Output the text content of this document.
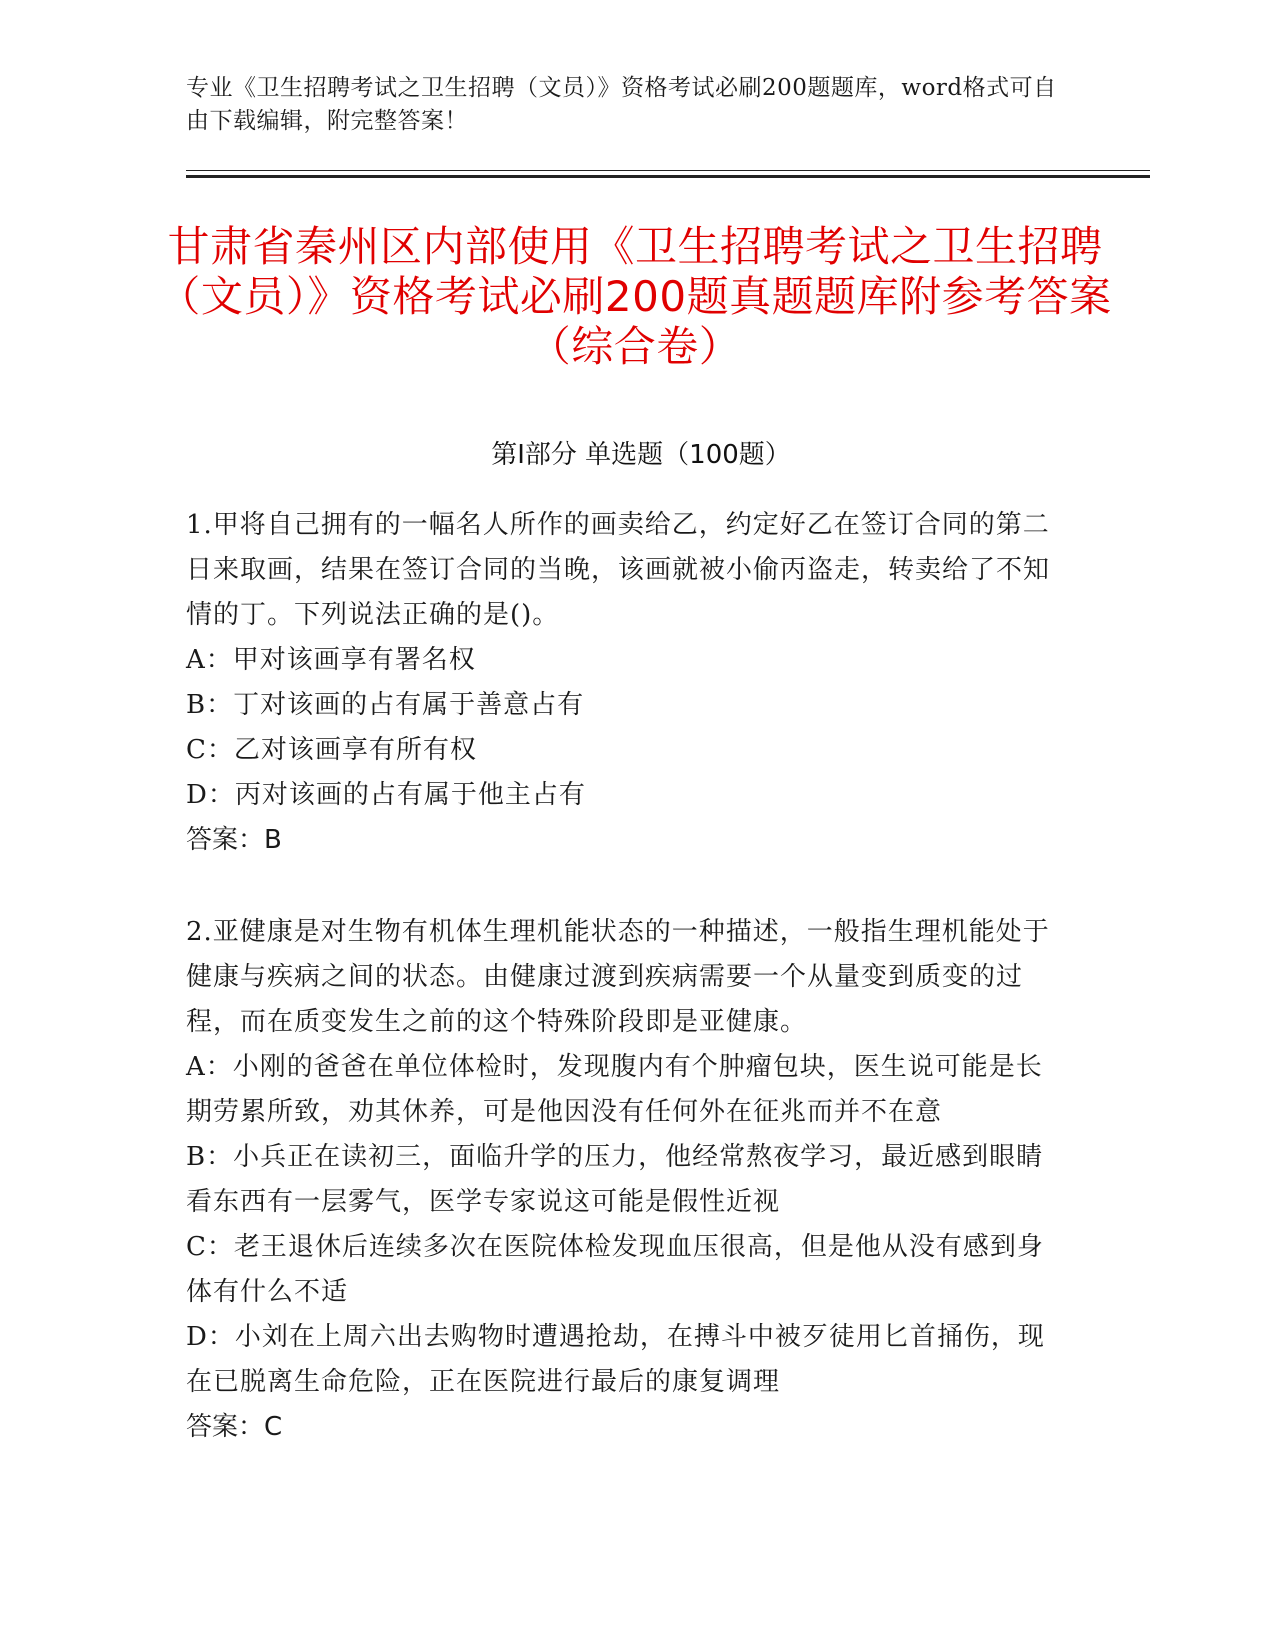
专业《卫生招聘考试之卫生招聘（文员）》资格考试必刷200题题库，word格式可自由下载编辑，附完整答案！
甘肃省秦州区内部使用《卫生招聘考试之卫生招聘（文员）》资格考试必刷200题真题题库附参考答案（综合卷）
第Ⅰ部分 单选题（100题）

1.甲将自己拥有的一幅名人所作的画卖给乙，约定好乙在签订合同的第二日来取画，结果在签订合同的当晚，该画就被小偷丙盗走，转卖给了不知情的丁。下列说法正确的是()。

A：甲对该画享有署名权

B：丁对该画的占有属于善意占有

C：乙对该画享有所有权

D：丙对该画的占有属于他主占有

答案：B

2.亚健康是对生物有机体生理机能状态的一种描述，一般指生理机能处于健康与疾病之间的状态。由健康过渡到疾病需要一个从量变到质变的过程，而在质变发生之前的这个特殊阶段即是亚健康。

A：小刚的爸爸在单位体检时，发现腹内有个肿瘤包块，医生说可能是长期劳累所致，劝其休养，可是他因没有任何外在征兆而并不在意

B：小兵正在读初三，面临升学的压力，他经常熬夜学习，最近感到眼睛看东西有一层雾气，医学专家说这可能是假性近视

C：老王退休后连续多次在医院体检发现血压很高，但是他从没有感到身体有什么不适

D：小刘在上周六出去购物时遭遇抢劫，在搏斗中被歹徒用匕首捅伤，现在已脱离生命危险，正在医院进行最后的康复调理

答案：C
